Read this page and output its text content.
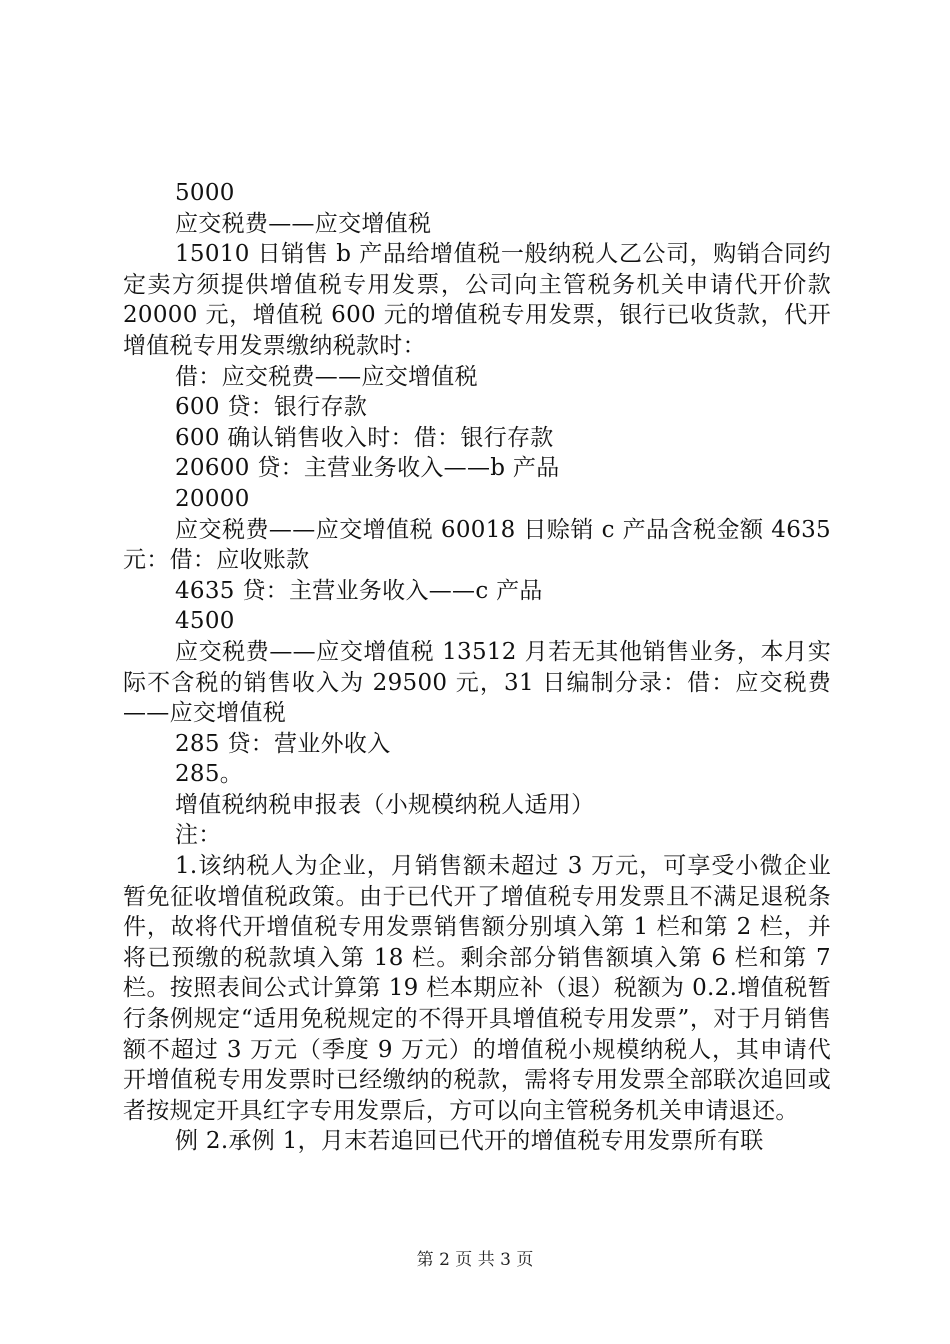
5000
应交税费——应交增值税
15010 日销售 b 产品给增值税一般纳税人乙公司，购销合同约定卖方须提供增值税专用发票，公司向主管税务机关申请代开价款 20000 元，增值税 600 元的增值税专用发票，银行已收货款，代开增值税专用发票缴纳税款时：
借：应交税费——应交增值税
600 贷：银行存款
600 确认销售收入时：借：银行存款
20600 贷：主营业务收入——b 产品
20000
应交税费——应交增值税 60018 日赊销 c 产品含税金额 4635 元：借：应收账款
4635 贷：主营业务收入——c 产品
4500
应交税费——应交增值税 13512 月若无其他销售业务，本月实际不含税的销售收入为 29500 元，31 日编制分录：借：应交税费——应交增值税
285 贷：营业外收入
285。
增值税纳税申报表（小规模纳税人适用）
注：
1.该纳税人为企业，月销售额未超过 3 万元，可享受小微企业暂免征收增值税政策。由于已代开了增值税专用发票且不满足退税条件，故将代开增值税专用发票销售额分别填入第 1 栏和第 2 栏，并将已预缴的税款填入第 18 栏。剩余部分销售额填入第 6 栏和第 7 栏。按照表间公式计算第 19 栏本期应补（退）税额为 0.2.增值税暂行条例规定“适用免税规定的不得开具增值税专用发票”，对于月销售额不超过 3 万元（季度 9 万元）的增值税小规模纳税人，其申请代开增值税专用发票时已经缴纳的税款，需将专用发票全部联次追回或者按规定开具红字专用发票后，方可以向主管税务机关申请退还。
例 2.承例 1，月末若追回已代开的增值税专用发票所有联
第 2 页 共 3 页
